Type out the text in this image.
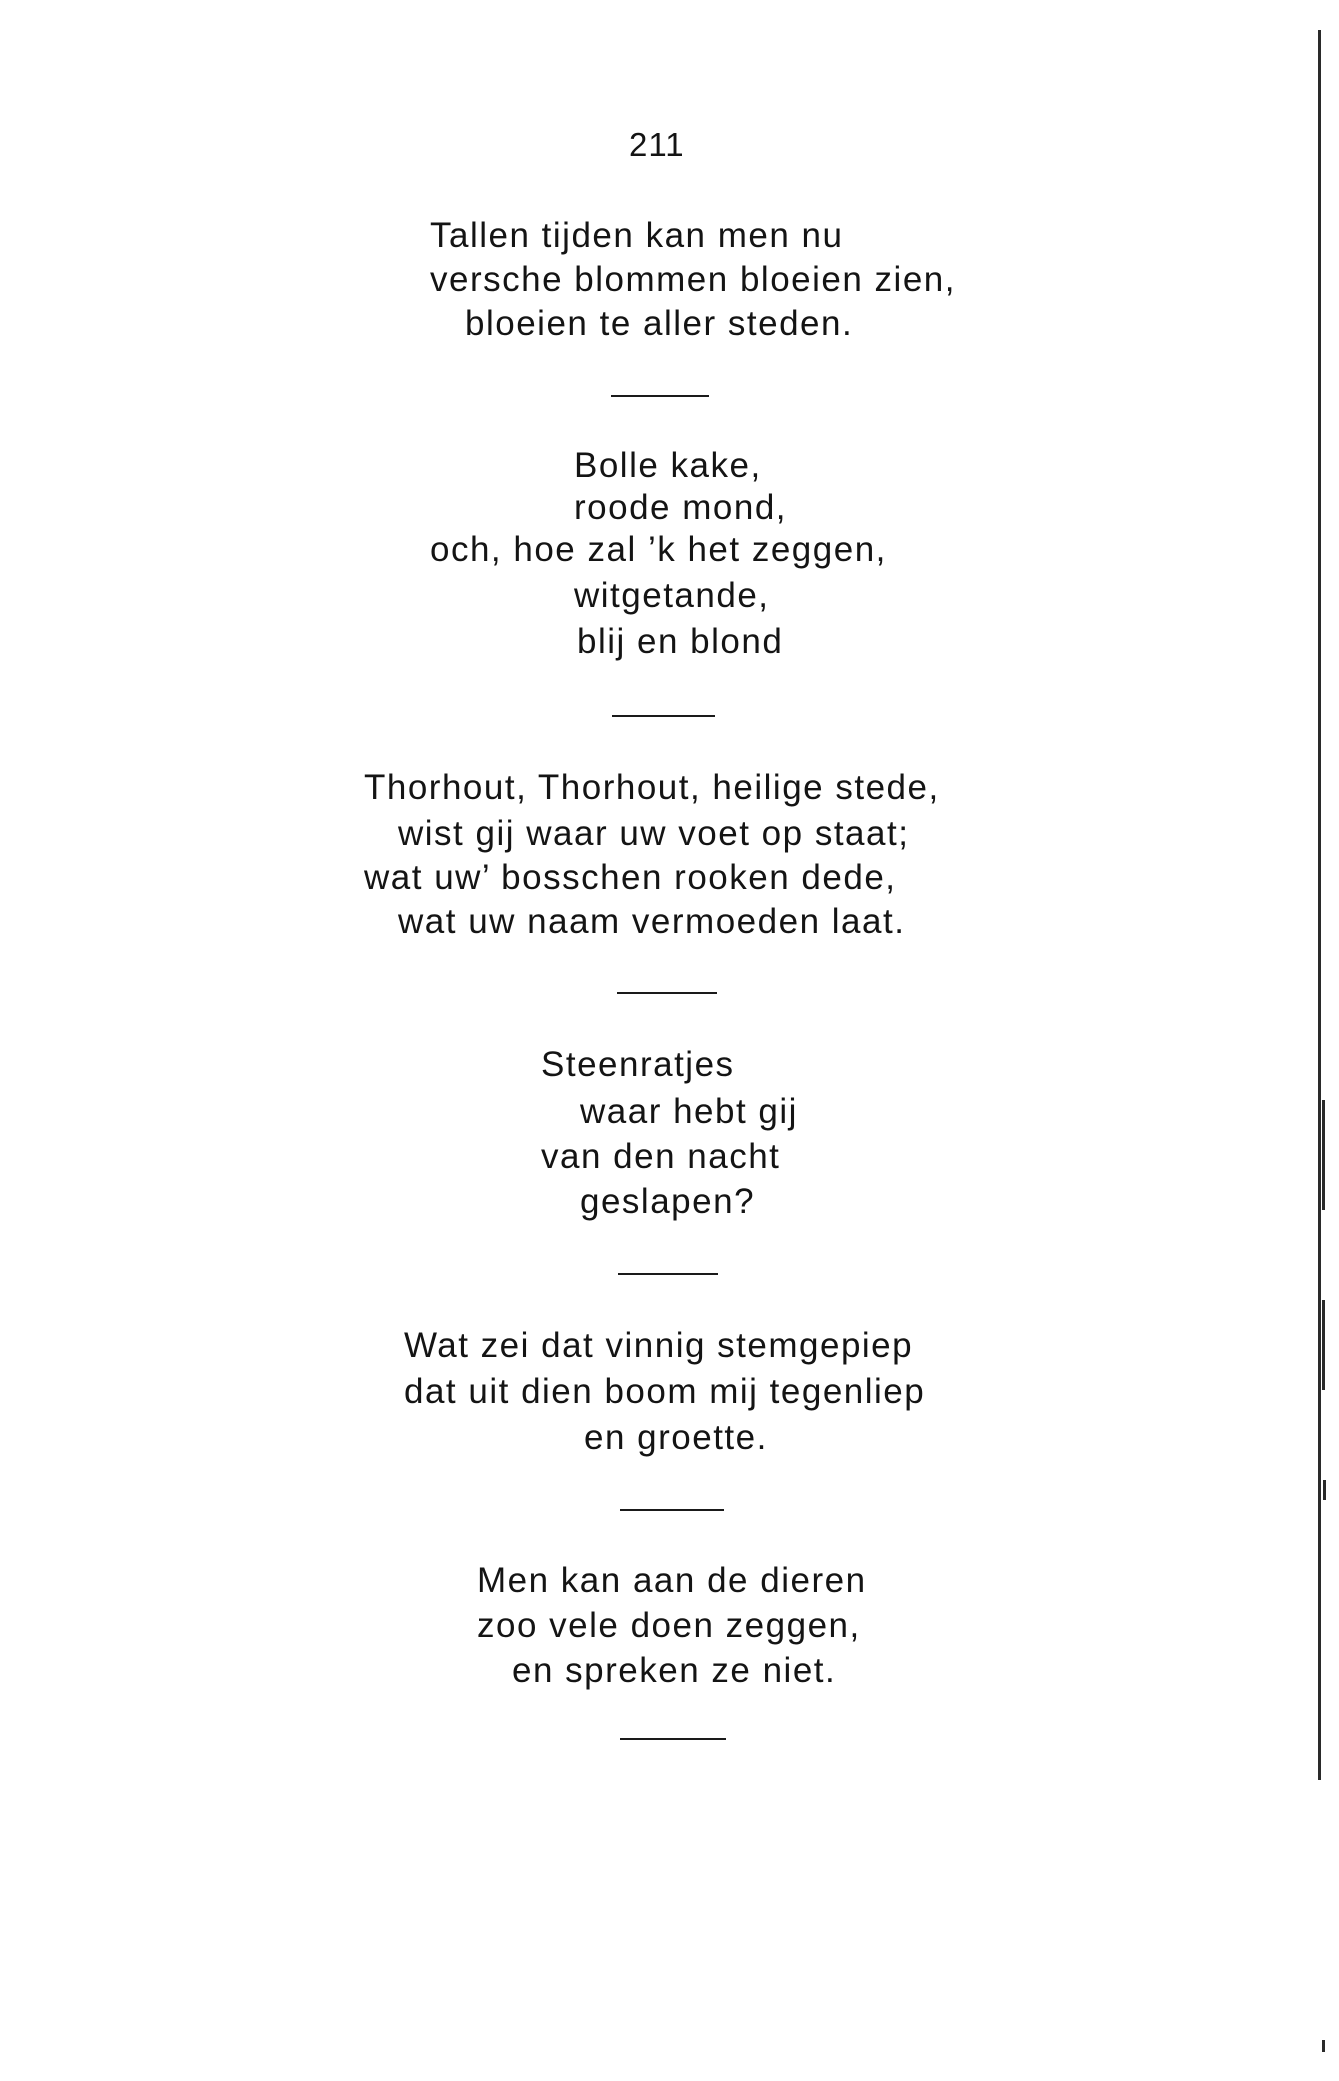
211
Tallen tijden kan men nu
versche blommen bloeien zien,
bloeien te aller steden.
Bolle kake,
roode mond,
och, hoe zal ’k het zeggen,
witgetande,
blij en blond
Thorhout, Thorhout, heilige stede,
wist gij waar uw voet op staat;
wat uw’ bosschen rooken dede,
wat uw naam vermoeden laat.
Steenratjes
waar hebt gij
van den nacht
geslapen?
Wat zei dat vinnig stemgepiep
dat uit dien boom mij tegenliep
en groette.
Men kan aan de dieren
zoo vele doen zeggen,
en spreken ze niet.
